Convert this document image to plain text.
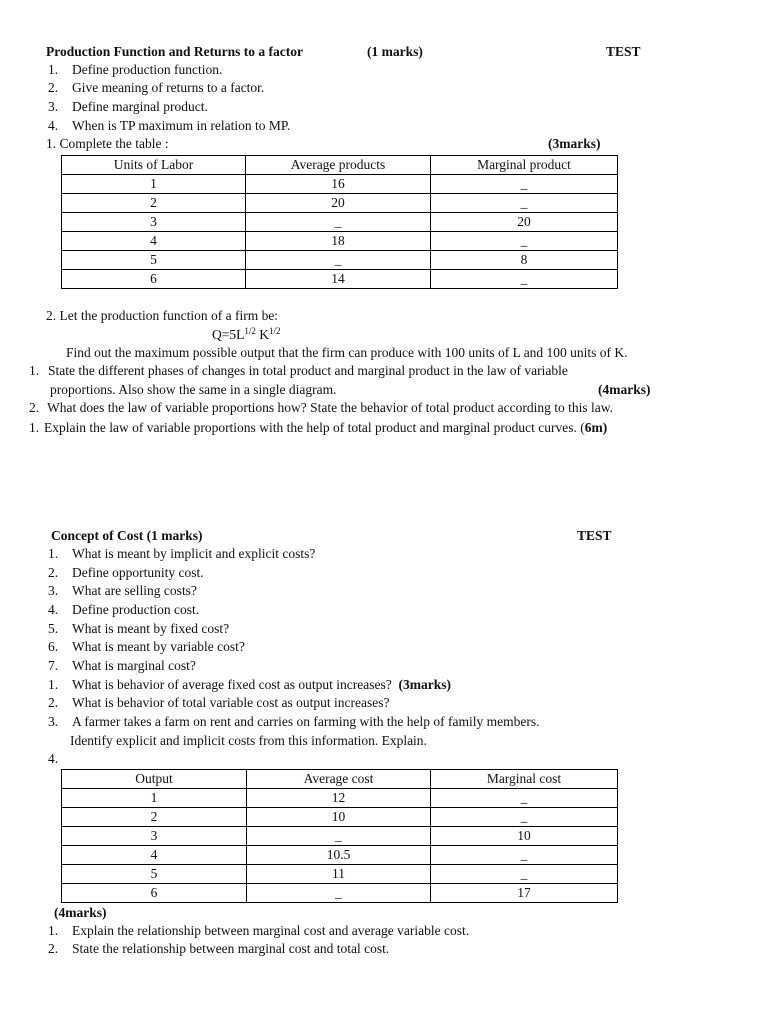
Production Function and Returns to a factor	(1 marks)	TEST
1. Define production function.
2. Give meaning of returns to a factor.
3. Define marginal product.
4. When is TP maximum in relation to MP.
1. Complete the table :	(3marks)
Units of Labor	Average products	Marginal product
1	16	_
2	20	_
3	_	20
4	18	_
5	_	8
6	14	_
2. Let the production function of a firm be:
$Q=5L^{1/2}$ $K^{1/2}$
Find out the maximum possible output that the firm can produce with 100 units of L and 100 units of K.
1. State the different phases of changes in total product and marginal product in the law of variable
proportions. Also show the same in a single diagram.	(4marks)
2. What does the law of variable proportions how? State the behavior of total product according to this law.
1. Explain the law of variable proportions with the help of total product and marginal product curves. (6m)
Concept of Cost (1 marks)	TEST
1. What is meant by implicit and explicit costs?
2. Define opportunity cost.
3. What are selling costs?
4. Define production cost.
5. What is meant by fixed cost?
6. What is meant by variable cost?
7. What is marginal cost?
1. What is behavior of average fixed cost as output increases? (3marks)
2. What is behavior of total variable cost as output increases?
3. A farmer takes a farm on rent and carries on farming with the help of family members.
Identify explicit and implicit costs from this information. Explain.
4.
Output	Average cost	Marginal cost
1	12	_
2	10	_
3	_	10
4	10.5	_
5	11	_
6	_	17
(4marks)
1. Explain the relationship between marginal cost and average variable cost.
2. State the relationship between marginal cost and total cost.
